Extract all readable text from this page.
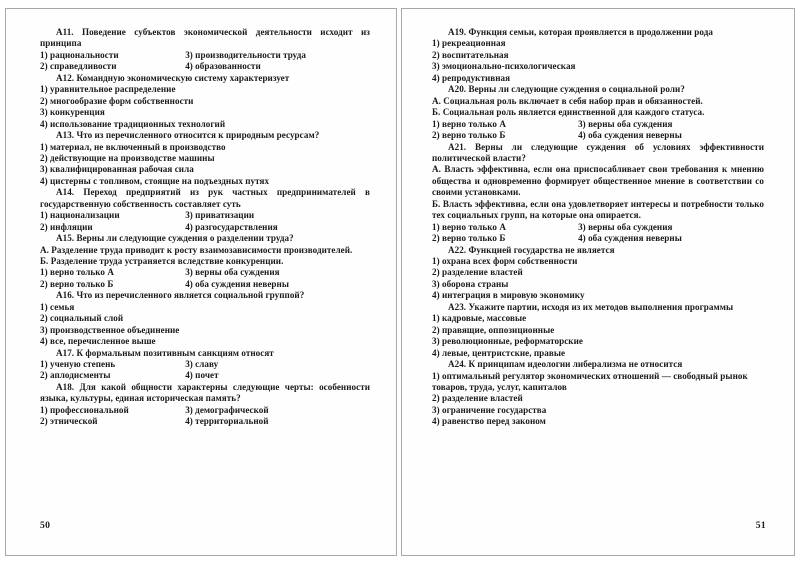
A11. Поведение субъектов экономической деятельности исходит из принципа

1) рациональности	3) производительности труда
2) справедливости	4) образованности

A12. Командную экономическую систему характеризует

1) уравнительное распределение
2) многообразие форм собственности
3) конкуренция
4) использование традиционных технологий

A13. Что из перечисленного относится к природным ресурсам?

1) материал, не включенный в производство
2) действующие на производстве машины
3) квалифицированная рабочая сила
4) цистерны с топливом, стоящие на подъездных путях

A14. Переход предприятий из рук частных предпринимателей в государственную собственность составляет суть

1) национализации	3) приватизации
2) инфляции	4) разгосударствления

A15. Верны ли следующие суждения о разделении труда?

А. Разделение труда приводит к росту взаимозависимости производителей.

Б. Разделение труда устраняется вследствие конкуренции.

1) верно только А	3) верны оба суждения
2) верно только Б	4) оба суждения неверны

A16. Что из перечисленного является социальной группой?

1) семья
2) социальный слой
3) производственное объединение
4) все, перечисленное выше

A17. К формальным позитивным санкциям относят

1) ученую степень	3) славу
2) аплодисменты	4) почет

A18. Для какой общности характерны следующие черты: особенности языка, культуры, единая историческая память?

1) профессиональной	3) демографической
2) этнической	4) территориальной
50

A19. Функция семьи, которая проявляется в продолжении рода

1) рекреационная
2) воспитательная
3) эмоционально-психологическая
4) репродуктивная

A20. Верны ли следующие суждения о социальной роли?

А. Социальная роль включает в себя набор прав и обязанностей.

Б. Социальная роль является единственной для каждого статуса.

1) верно только А	3) верны оба суждения
2) верно только Б	4) оба суждения неверны

A21. Верны ли следующие суждения об условиях эффективности политической власти?

А. Власть эффективна, если она приспосабливает свои требования к мнению общества и одновременно формирует общественное мнение в соответствии со своими установками.

Б. Власть эффективна, если она удовлетворяет интересы и потребности только тех социальных групп, на которые она опирается.

1) верно только А	3) верны оба суждения
2) верно только Б	4) оба суждения неверны

A22. Функцией государства не является

1) охрана всех форм собственности
2) разделение властей
3) оборона страны
4) интеграция в мировую экономику

A23. Укажите партии, исходя из их методов выполнения программы

1) кадровые, массовые
2) правящие, оппозиционные
3) революционные, реформаторские
4) левые, центристские, правые

A24. К принципам идеологии либерализма не относится

1) оптимальный регулятор экономических отношений — свободный рынок товаров, труда, услуг, капиталов
2) разделение властей
3) ограничение государства
4) равенство перед законом
51
